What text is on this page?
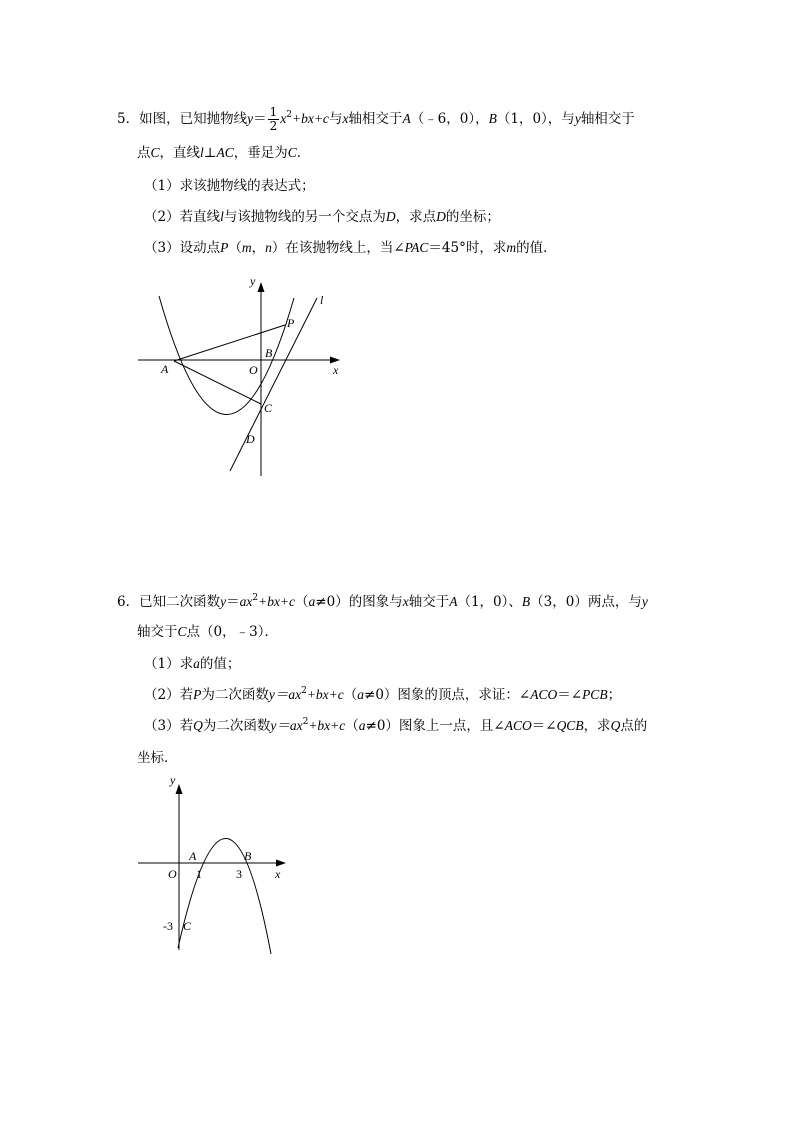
5．如图，已知抛物线$y= \frac{1}{2} x^2+bx+c$与x轴相交于A（﹣6，0），B（1，0），与y轴相交于
点C，直线l⊥AC，垂足为C．
（1）求该抛物线的表达式；
（2）若直线l与该抛物线的另一个交点为D，求点D的坐标；
（3）设动点P（m，n）在该抛物线上，当∠PAC＝45°时，求m的值．
y
l
P
B
A	O	x
C
D
6．已知二次函数$y=ax^2+bx+c(a\ne 0)$的图象与x轴交于A（1，0）、B（3，0）两点，与y
轴交于C点（0，﹣3）．
（1）求a的值；
（2）若P为二次函数$y=ax^2+bx+c(a\ne 0)$图象的顶点，求证：∠ACO＝∠PCB；
（3）若Q为二次函数$y=ax^2+bx+c(a\ne 0)$图象上一点，且∠ACO＝∠QCB，求Q点的
坐标．
y
A	B
O 1	3	x
-3 C
